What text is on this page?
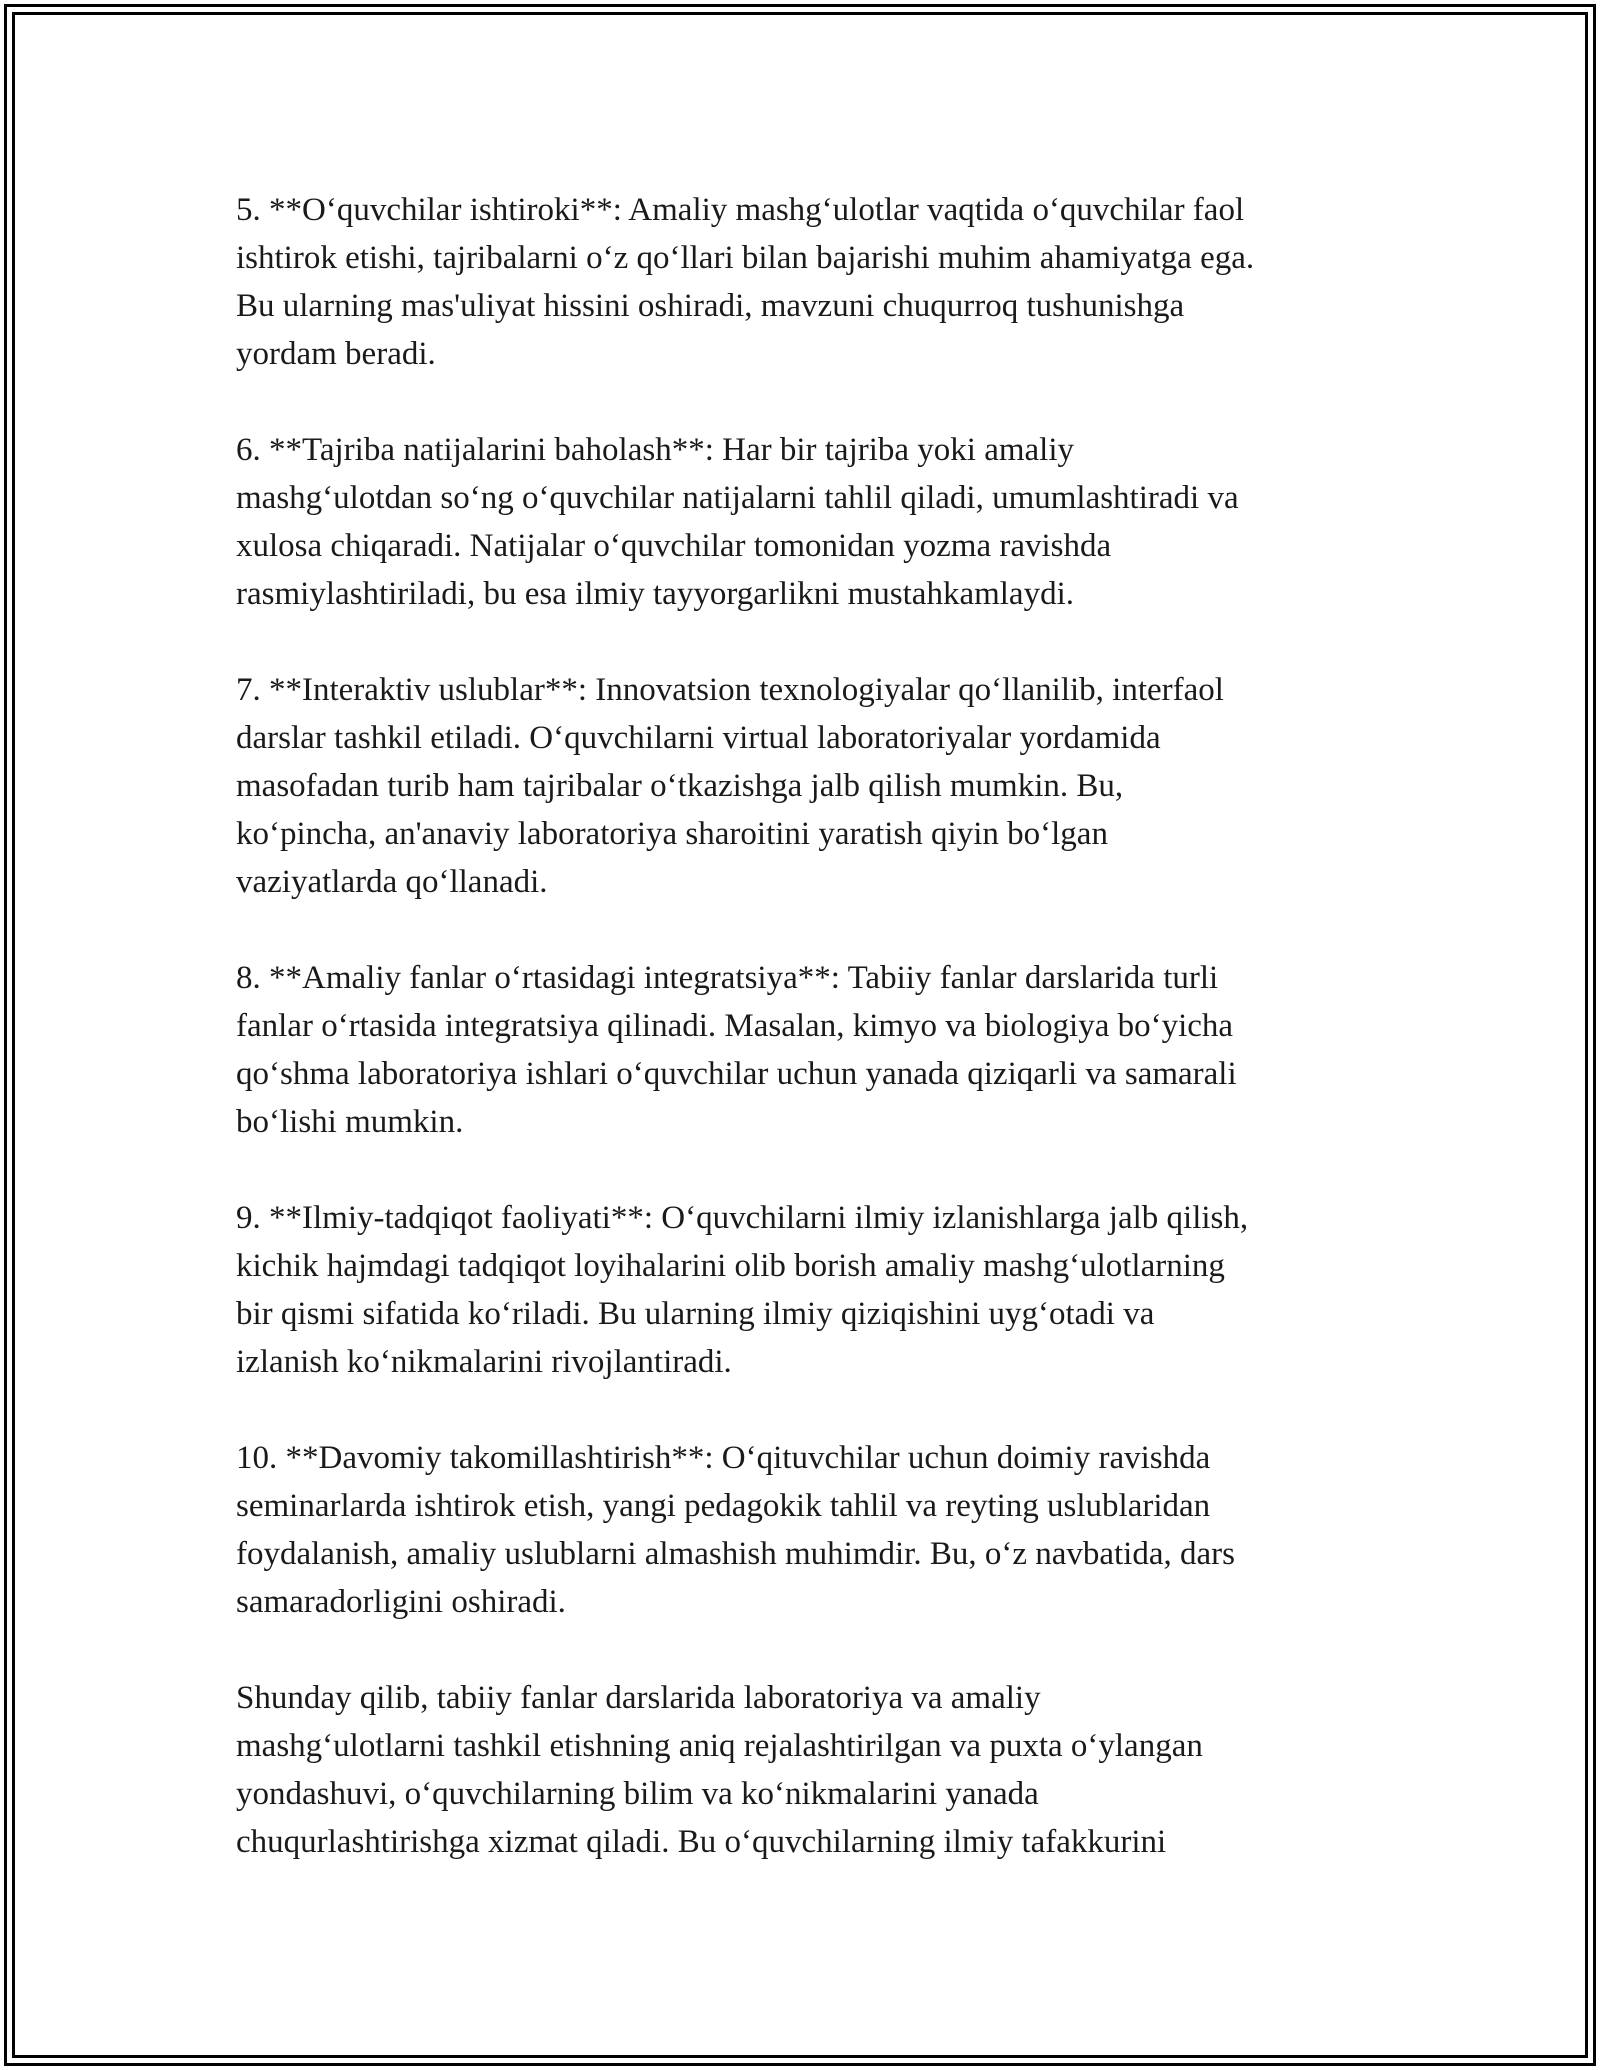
5. **O‘quvchilar ishtiroki**: Amaliy mashg‘ulotlar vaqtida o‘quvchilar faol
ishtirok etishi, tajribalarni o‘z qo‘llari bilan bajarishi muhim ahamiyatga ega.
Bu ularning mas'uliyat hissini oshiradi, mavzuni chuqurroq tushunishga
yordam beradi.

6. **Tajriba natijalarini baholash**: Har bir tajriba yoki amaliy
mashg‘ulotdan so‘ng o‘quvchilar natijalarni tahlil qiladi, umumlashtiradi va
xulosa chiqaradi. Natijalar o‘quvchilar tomonidan yozma ravishda
rasmiylashtiriladi, bu esa ilmiy tayyorgarlikni mustahkamlaydi.

7. **Interaktiv uslublar**: Innovatsion texnologiyalar qo‘llanilib, interfaol
darslar tashkil etiladi. O‘quvchilarni virtual laboratoriyalar yordamida
masofadan turib ham tajribalar o‘tkazishga jalb qilish mumkin. Bu,
ko‘pincha, an'anaviy laboratoriya sharoitini yaratish qiyin bo‘lgan
vaziyatlarda qo‘llanadi.

8. **Amaliy fanlar o‘rtasidagi integratsiya**: Tabiiy fanlar darslarida turli
fanlar o‘rtasida integratsiya qilinadi. Masalan, kimyo va biologiya bo‘yicha
qo‘shma laboratoriya ishlari o‘quvchilar uchun yanada qiziqarli va samarali
bo‘lishi mumkin.

9. **Ilmiy-tadqiqot faoliyati**: O‘quvchilarni ilmiy izlanishlarga jalb qilish,
kichik hajmdagi tadqiqot loyihalarini olib borish amaliy mashg‘ulotlarning
bir qismi sifatida ko‘riladi. Bu ularning ilmiy qiziqishini uyg‘otadi va
izlanish ko‘nikmalarini rivojlantiradi.

10. **Davomiy takomillashtirish**: O‘qituvchilar uchun doimiy ravishda
seminarlarda ishtirok etish, yangi pedagokik tahlil va reyting uslublaridan
foydalanish, amaliy uslublarni almashish muhimdir. Bu, o‘z navbatida, dars
samaradorligini oshiradi.

Shunday qilib, tabiiy fanlar darslarida laboratoriya va amaliy
mashg‘ulotlarni tashkil etishning aniq rejalashtirilgan va puxta o‘ylangan
yondashuvi, o‘quvchilarning bilim va ko‘nikmalarini yanada
chuqurlashtirishga xizmat qiladi. Bu o‘quvchilarning ilmiy tafakkurini
